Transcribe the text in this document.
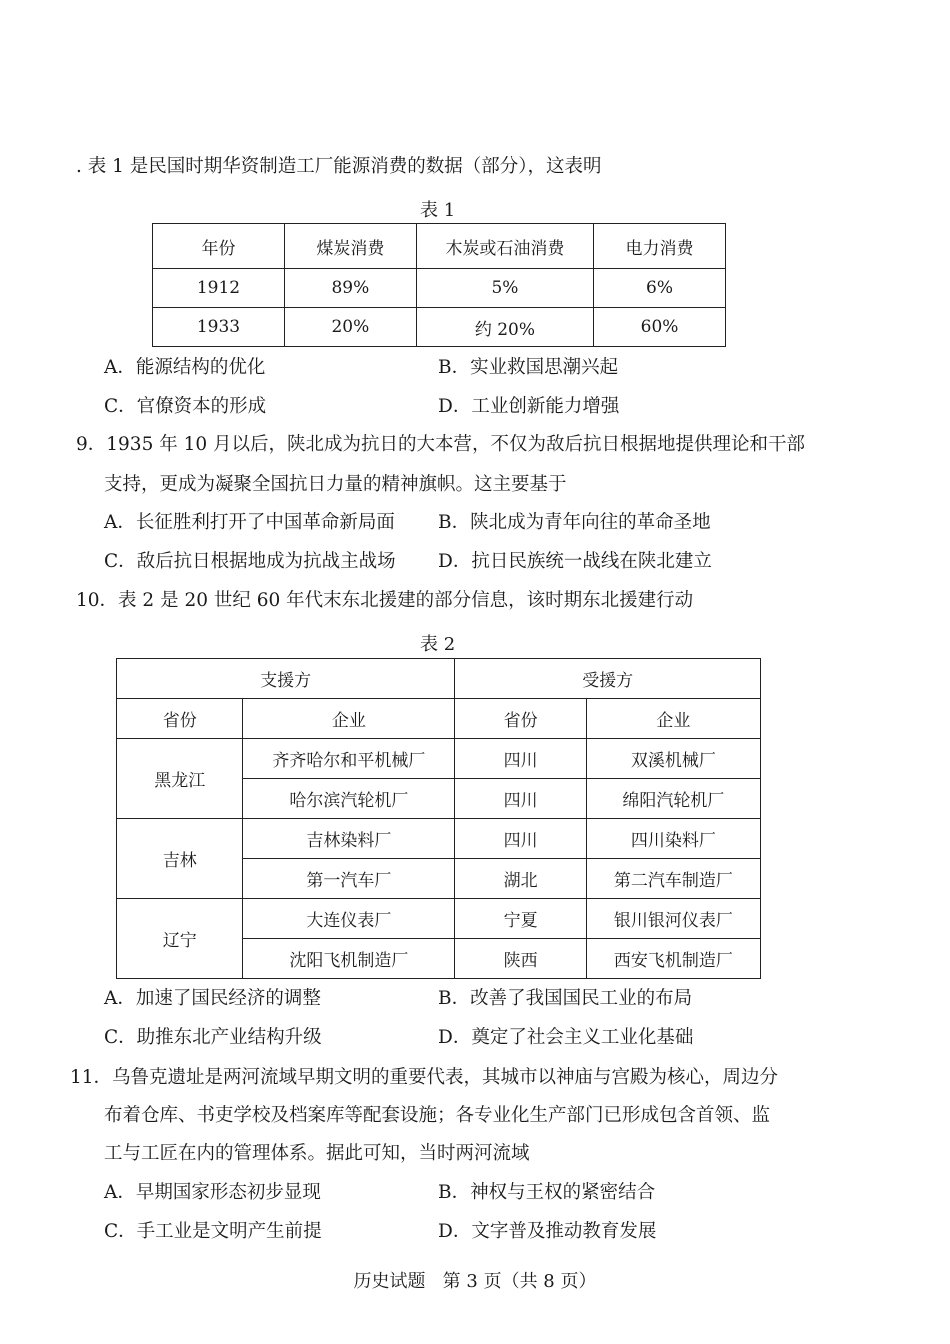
. 表 1 是民国时期华资制造工厂能源消费的数据（部分），这表明
表 1
年份	煤炭消费	木炭或石油消费	电力消费
1912	89%	5%	6%
1933	20%	约 20%	60%
A．能源结构的优化	B．实业救国思潮兴起
C．官僚资本的形成	D．工业创新能力增强
9．1935 年 10 月以后，陕北成为抗日的大本营，不仅为敌后抗日根据地提供理论和干部
支持，更成为凝聚全国抗日力量的精神旗帜。这主要基于
A．长征胜利打开了中国革命新局面 B．陕北成为青年向往的革命圣地
C．敌后抗日根据地成为抗战主战场 D．抗日民族统一战线在陕北建立
10．表 2 是 20 世纪 60 年代末东北援建的部分信息，该时期东北援建行动
表 2
支援方		受援方	
省份	企业	省份	企业
黑龙江	齐齐哈尔和平机械厂	四川	双溪机械厂
	哈尔滨汽轮机厂	四川	绵阳汽轮机厂
吉林	吉林染料厂	四川	四川染料厂
	第一汽车厂	湖北	第二汽车制造厂
辽宁	大连仪表厂	宁夏	银川银河仪表厂
	沈阳飞机制造厂	陕西	西安飞机制造厂
A．加速了国民经济的调整	B．改善了我国国民工业的布局
C．助推东北产业结构升级	D．奠定了社会主义工业化基础
11．乌鲁克遗址是两河流域早期文明的重要代表，其城市以神庙与宫殿为核心，周边分
布着仓库、书吏学校及档案库等配套设施；各专业化生产部门已形成包含首领、监
工与工匠在内的管理体系。据此可知，当时两河流域
A．早期国家形态初步显现	B．神权与王权的紧密结合
C．手工业是文明产生前提	D．文字普及推动教育发展
历史试题   第 3 页（共 8 页）
